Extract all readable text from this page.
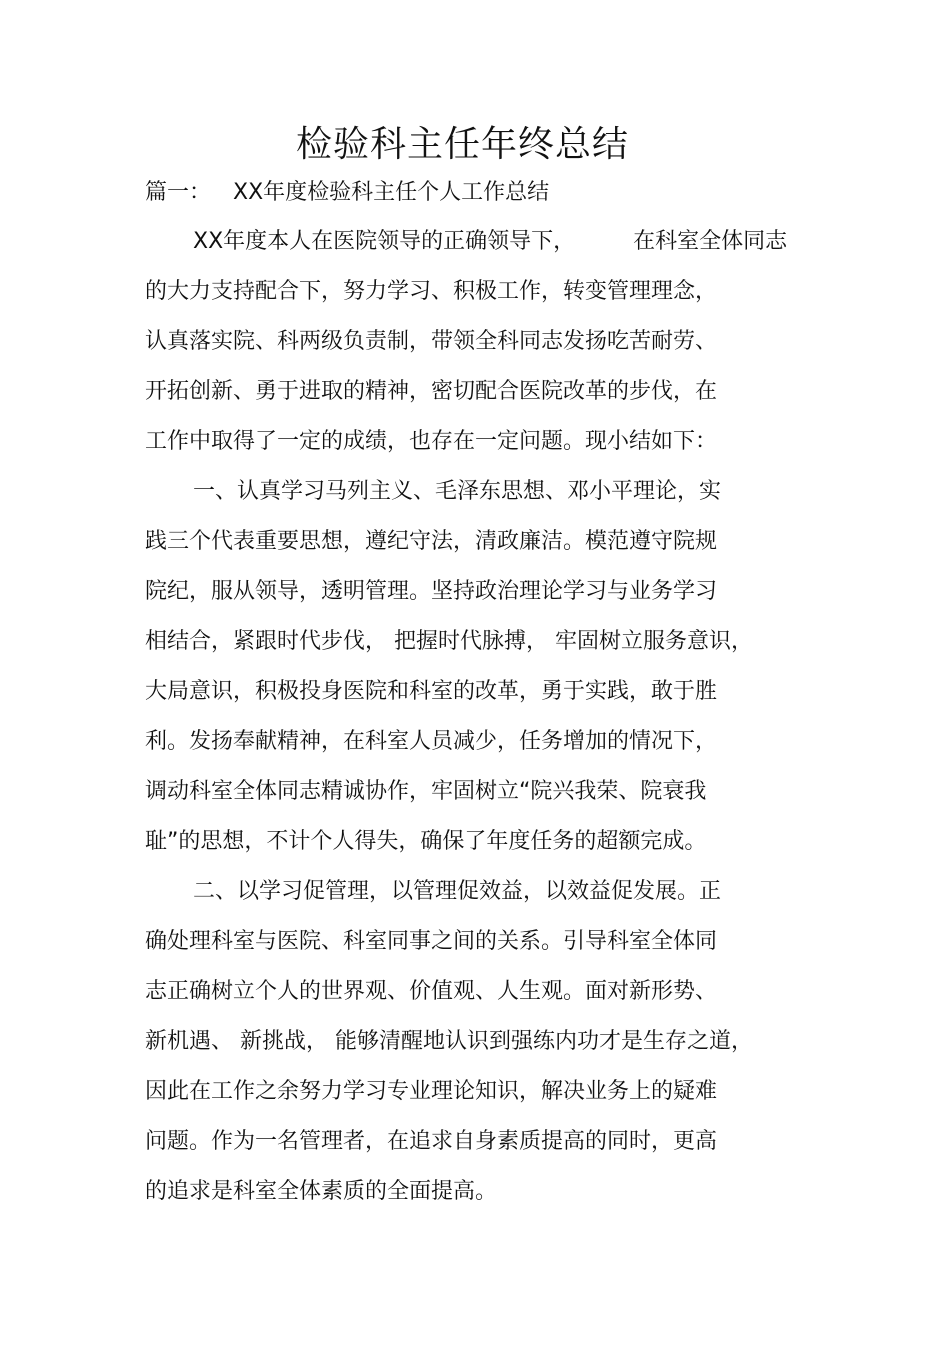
检验科主任年终总结
篇一： XX年度检验科主任个人工作总结
XX年度本人在医院领导的正确领导下，	在科室全体同志
的大力支持配合下，努力学习、积极工作，转变管理理念，
认真落实院、科两级负责制，带领全科同志发扬吃苦耐劳、
开拓创新、勇于进取的精神，密切配合医院改革的步伐，在
工作中取得了一定的成绩，也存在一定问题。现小结如下：
一、认真学习马列主义、毛泽东思想、邓小平理论，实
践三个代表重要思想，遵纪守法，清政廉洁。模范遵守院规
院纪，服从领导，透明管理。坚持政治理论学习与业务学习
相结合，紧跟时代步伐， 把握时代脉搏， 牢固树立服务意识，
大局意识，积极投身医院和科室的改革，勇于实践，敢于胜
利。发扬奉献精神，在科室人员减少，任务增加的情况下，
调动科室全体同志精诚协作，牢固树立“院兴我荣、院衰我
耻”的思想，不计个人得失，确保了年度任务的超额完成。
二、以学习促管理，以管理促效益，以效益促发展。正
确处理科室与医院、科室同事之间的关系。引导科室全体同
志正确树立个人的世界观、价值观、人生观。面对新形势、
新机遇、 新挑战， 能够清醒地认识到强练内功才是生存之道，
因此在工作之余努力学习专业理论知识，解决业务上的疑难
问题。作为一名管理者，在追求自身素质提高的同时，更高
的追求是科室全体素质的全面提高。
